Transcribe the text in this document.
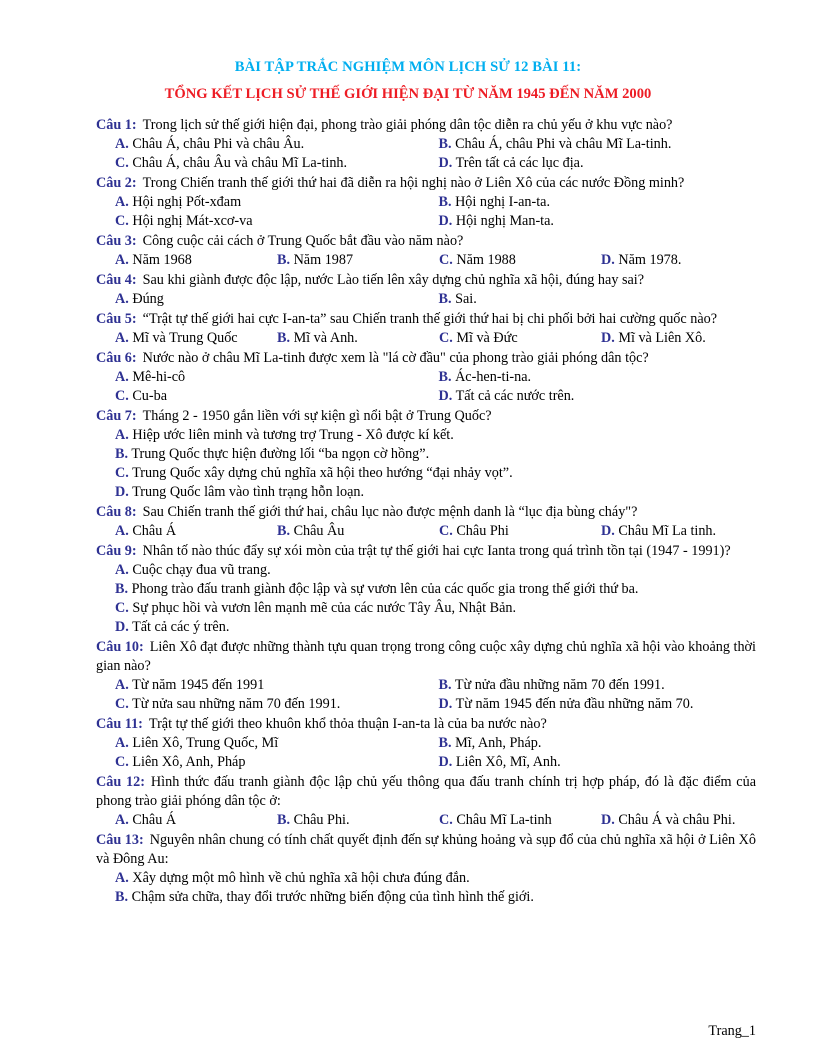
BÀI TẬP TRẮC NGHIỆM MÔN LỊCH SỬ 12 BÀI 11:
TỔNG KẾT LỊCH SỬ THẾ GIỚI HIỆN ĐẠI TỪ NĂM 1945 ĐẾN NĂM 2000
Câu 1: Trong lịch sử thế giới hiện đại, phong trào giải phóng dân tộc diễn ra chủ yếu ở khu vực nào?
A. Châu Á, châu Phi và châu Âu.	B. Châu Á, châu Phi và châu Mĩ La-tinh.
C. Châu Á, châu Âu và châu Mĩ La-tinh.	D. Trên tất cả các lục địa.
Câu 2: Trong Chiến tranh thế giới thứ hai đã diễn ra hội nghị nào ở Liên Xô của các nước Đồng minh?
A. Hội nghị Pốt-xđam	B. Hội nghị I-an-ta.
C. Hội nghị Mát-xcơ-va	D. Hội nghị Man-ta.
Câu 3: Công cuộc cải cách ở Trung Quốc bắt đầu vào năm nào?
A. Năm 1968	B. Năm 1987	C. Năm 1988	D. Năm 1978.
Câu 4: Sau khi giành được độc lập, nước Lào tiến lên xây dựng chủ nghĩa xã hội, đúng hay sai?
A. Đúng	B. Sai.
Câu 5: “Trật tự thế giới hai cực I-an-ta” sau Chiến tranh thế giới thứ hai bị chi phối bởi hai cường quốc nào?
A. Mĩ và Trung Quốc	B. Mĩ và Anh.	C. Mĩ và Đức	D. Mĩ và Liên Xô.
Câu 6: Nước nào ở châu Mĩ La-tinh được xem là "lá cờ đầu" của phong trào giải phóng dân tộc?
A. Mê-hi-cô	B. Ác-hen-ti-na.
C. Cu-ba	D. Tất cả các nước trên.
Câu 7: Tháng 2 - 1950 gắn liền với sự kiện gì nổi bật ở Trung Quốc?
A. Hiệp ước liên minh và tương trợ Trung - Xô được kí kết.
B. Trung Quốc thực hiện đường lối “ba ngọn cờ hồng”.
C. Trung Quốc xây dựng chủ nghĩa xã hội theo hướng “đại nhảy vọt”.
D. Trung Quốc lâm vào tình trạng hỗn loạn.
Câu 8: Sau Chiến tranh thế giới thứ hai, châu lục nào được mệnh danh là “lục địa bùng cháy"?
A. Châu Á	B. Châu Âu	C. Châu Phi	D. Châu Mĩ La tinh.
Câu 9: Nhân tố nào thúc đẩy sự xói mòn của trật tự thế giới hai cực Ianta trong quá trình tồn tại (1947 - 1991)?
A. Cuộc chạy đua vũ trang.
B. Phong trào đấu tranh giành độc lập và sự vươn lên của các quốc gia trong thế giới thứ ba.
C. Sự phục hồi và vươn lên mạnh mẽ của các nước Tây Âu, Nhật Bản.
D. Tất cả các ý trên.
Câu 10: Liên Xô đạt được những thành tựu quan trọng trong công cuộc xây dựng chủ nghĩa xã hội vào khoảng thời gian nào?
A. Từ năm 1945 đến 1991	B. Từ nửa đầu những năm 70 đến 1991.
C. Từ nửa sau những năm 70 đến 1991.	D. Từ năm 1945 đến nửa đầu những năm 70.
Câu 11: Trật tự thế giới theo khuôn khổ thỏa thuận I-an-ta là của ba nước nào?
A. Liên Xô, Trung Quốc, Mĩ	B. Mĩ, Anh, Pháp.
C. Liên Xô, Anh, Pháp	D. Liên Xô, Mĩ, Anh.
Câu 12: Hình thức đấu tranh giành độc lập chủ yếu thông qua đấu tranh chính trị hợp pháp, đó là đặc điểm của phong trào giải phóng dân tộc ở:
A. Châu Á	B. Châu Phi.	C. Châu Mĩ La-tinh	D. Châu Á và châu Phi.
Câu 13: Nguyên nhân chung có tính chất quyết định đến sự khủng hoảng và sụp đổ của chủ nghĩa xã hội ở Liên Xô và Đông Au:
A. Xây dựng một mô hình về chủ nghĩa xã hội chưa đúng đắn.
B. Chậm sửa chữa, thay đổi trước những biến động của tình hình thế giới.
Trang_1
